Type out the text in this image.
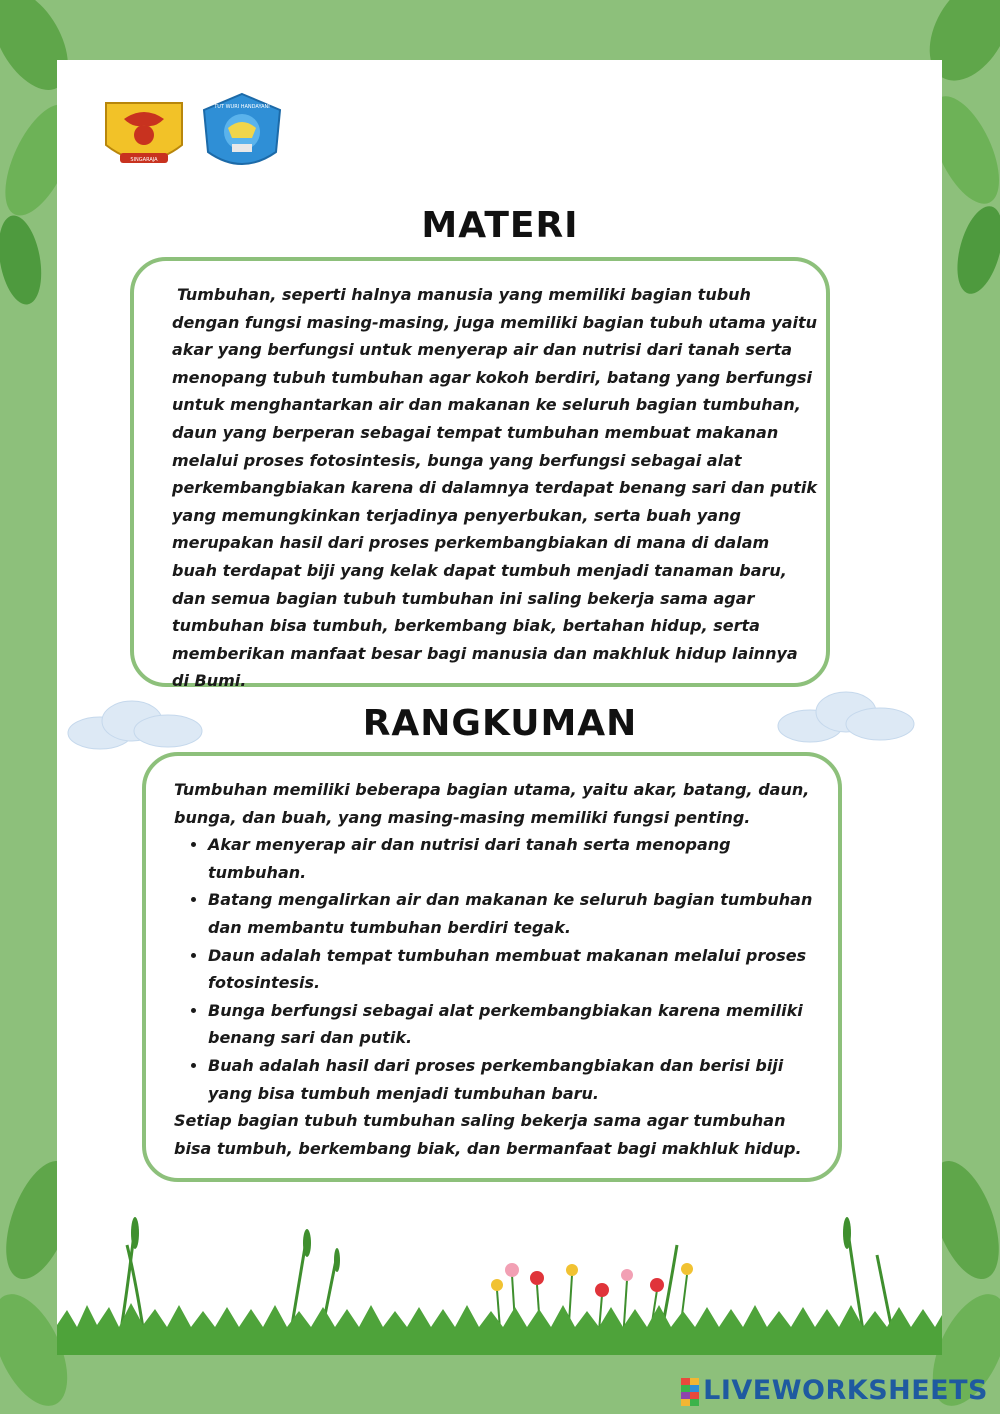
SINGARAJA
TUT WURI HANDAYANI
MATERI

Tumbuhan, seperti halnya manusia yang memiliki bagian tubuh dengan fungsi masing-masing, juga memiliki bagian tubuh utama yaitu akar yang berfungsi untuk menyerap air dan nutrisi dari tanah serta menopang tubuh tumbuhan agar kokoh berdiri, batang yang berfungsi untuk menghantarkan air dan makanan ke seluruh bagian tumbuhan, daun yang berperan sebagai tempat tumbuhan membuat makanan melalui proses fotosintesis, bunga yang berfungsi sebagai alat perkembangbiakan karena di dalamnya terdapat benang sari dan putik yang memungkinkan terjadinya penyerbukan, serta buah yang merupakan hasil dari proses perkembangbiakan di mana di dalam buah terdapat biji yang kelak dapat tumbuh menjadi tanaman baru, dan semua bagian tubuh tumbuhan ini saling bekerja sama agar tumbuhan bisa tumbuh, berkembang biak, bertahan hidup, serta memberikan manfaat besar bagi manusia dan makhluk hidup lainnya di Bumi.

RANGKUMAN

Tumbuhan memiliki beberapa bagian utama, yaitu akar, batang, daun, bunga, dan buah, yang masing-masing memiliki fungsi penting.

• Akar menyerap air dan nutrisi dari tanah serta menopang tumbuhan.
• Batang mengalirkan air dan makanan ke seluruh bagian tumbuhan dan membantu tumbuhan berdiri tegak.
• Daun adalah tempat tumbuhan membuat makanan melalui proses fotosintesis.
• Bunga berfungsi sebagai alat perkembangbiakan karena memiliki benang sari dan putik.
• Buah adalah hasil dari proses perkembangbiakan dan berisi biji yang bisa tumbuh menjadi tumbuhan baru.

Setiap bagian tubuh tumbuhan saling bekerja sama agar tumbuhan bisa tumbuh, berkembang biak, dan bermanfaat bagi makhluk hidup.

LIVEWORKSHEETS
